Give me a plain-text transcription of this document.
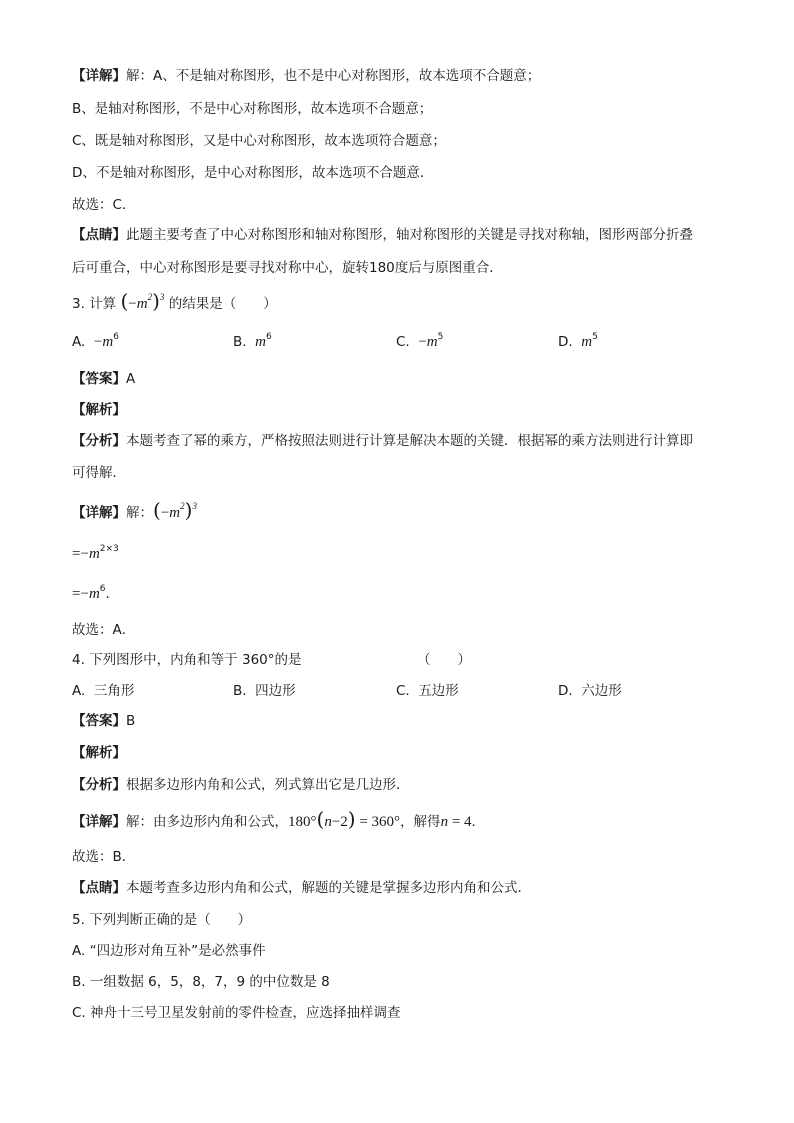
【详解】解：A、不是轴对称图形，也不是中心对称图形，故本选项不合题意；
B、是轴对称图形，不是中心对称图形，故本选项不合题意；
C、既是轴对称图形，又是中心对称图形，故本选项符合题意；
D、不是轴对称图形，是中心对称图形，故本选项不合题意．
故选：C．
【点睛】此题主要考查了中心对称图形和轴对称图形，轴对称图形的关键是寻找对称轴，图形两部分折叠
后可重合，中心对称图形是要寻找对称中心，旋转180度后与原图重合．
3. 计算 $(-m^2)^3$ 的结果是（　　）
A. $-m^6$	B. $m^6$	C. $-m^5$	D. $m^5$
【答案】A
【解析】
【分析】本题考查了幂的乘方，严格按照法则进行计算是解决本题的关键．根据幂的乘方法则进行计算即
可得解．
【详解】解：$(-m^2)^3$
$=-m^{2\times 3}$
$=-m^6$．
故选：A．
4. 下列图形中，内角和等于 360°的是	（　　）
A. 三角形	B. 四边形	C. 五边形	D. 六边形
【答案】B
【解析】
【分析】根据多边形内角和公式，列式算出它是几边形．
【详解】解：由多边形内角和公式，180°(n−2) = 360°，解得n = 4．
故选：B．
【点睛】本题考查多边形内角和公式，解题的关键是掌握多边形内角和公式．
5. 下列判断正确的是（　　）
A. “四边形对角互补”是必然事件
B. 一组数据 6，5，8，7，9 的中位数是 8
C. 神舟十三号卫星发射前的零件检查，应选择抽样调查
